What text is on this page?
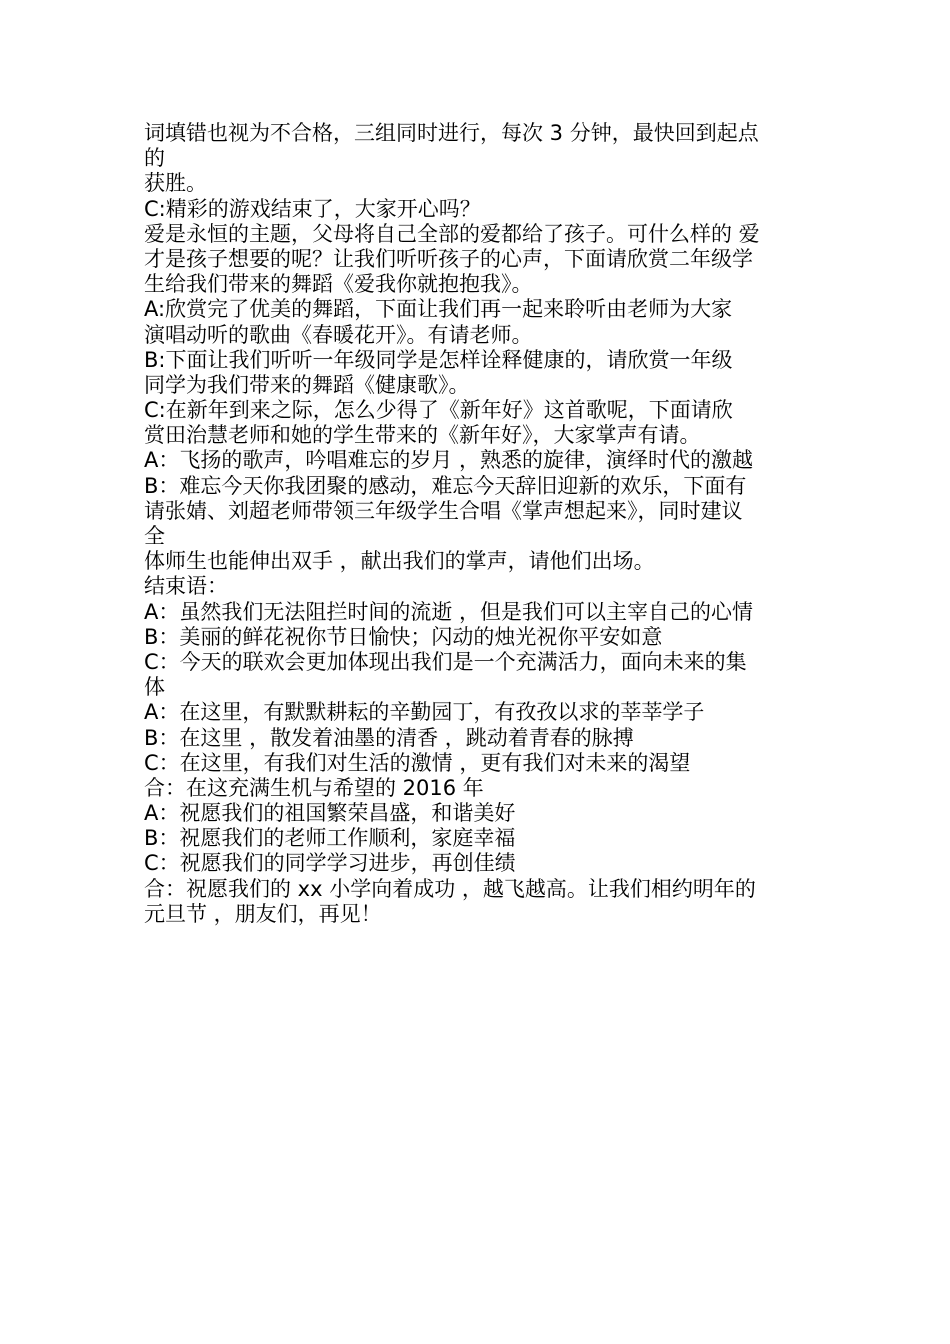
词填错也视为不合格，三组同时进行，每次 3 分钟，最快回到起点
的
获胜。
C:精彩的游戏结束了，大家开心吗？
爱是永恒的主题，父母将自己全部的爱都给了孩子。可什么样的 爱
才是孩子想要的呢？让我们听听孩子的心声，下面请欣赏二年级学
生给我们带来的舞蹈《爱我你就抱抱我》。
A:欣赏完了优美的舞蹈，下面让我们再一起来聆听由老师为大家
演唱动听的歌曲《春暖花开》。有请老师。
B:下面让我们听听一年级同学是怎样诠释健康的，请欣赏一年级
同学为我们带来的舞蹈《健康歌》。
C:在新年到来之际，怎么少得了《新年好》这首歌呢，下面请欣
赏田治慧老师和她的学生带来的《新年好》，大家掌声有请。
A：飞扬的歌声，吟唱难忘的岁月 ，熟悉的旋律，演绎时代的激越
B：难忘今天你我团聚的感动，难忘今天辞旧迎新的欢乐，下面有
请张婧、刘超老师带领三年级学生合唱《掌声想起来》，同时建议
全
体师生也能伸出双手 ，献出我们的掌声，请他们出场。
结束语：
A：虽然我们无法阻拦时间的流逝 ，但是我们可以主宰自己的心情
B：美丽的鲜花祝你节日愉快；闪动的烛光祝你平安如意
C：今天的联欢会更加体现出我们是一个充满活力，面向未来的集
体
A：在这里，有默默耕耘的辛勤园丁，有孜孜以求的莘莘学子
B：在这里 ，散发着油墨的清香 ，跳动着青春的脉搏
C：在这里，有我们对生活的激情 ，更有我们对未来的渴望
合：在这充满生机与希望的 2016 年
A：祝愿我们的祖国繁荣昌盛，和谐美好
B：祝愿我们的老师工作顺利，家庭幸福
C：祝愿我们的同学学习进步，再创佳绩
合：祝愿我们的 xx 小学向着成功 ，越飞越高。让我们相约明年的
元旦节 ，朋友们，再见！
